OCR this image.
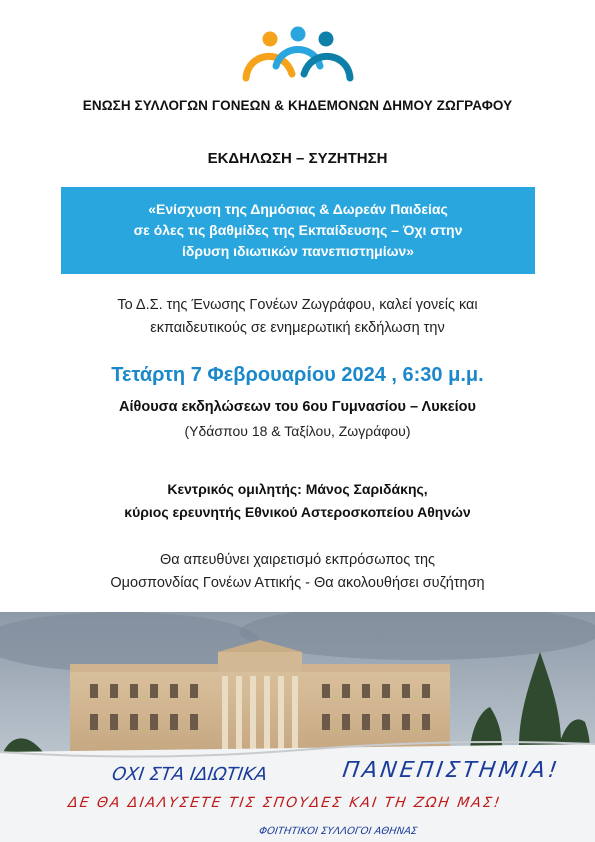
ΕΝΩΣΗ ΣΥΛΛΟΓΩΝ ΓΟΝΕΩΝ & ΚΗΔΕΜΟΝΩΝ ΔΗΜΟΥ ΖΩΓΡΑΦΟΥ
ΕΚΔΗΛΩΣΗ – ΣΥΖΗΤΗΣΗ
«Ενίσχυση της Δημόσιας & Δωρεάν Παιδείας
σε όλες τις βαθμίδες της Εκπαίδευσης – Όχι στην
ίδρυση ιδιωτικών πανεπιστημίων»
Το Δ.Σ. της Ένωσης Γονέων Ζωγράφου, καλεί γονείς και
εκπαιδευτικούς σε ενημερωτική εκδήλωση την
Τετάρτη 7 Φεβρουαρίου 2024 , 6:30 μ.μ.
Αίθουσα εκδηλώσεων του 6ου Γυμνασίου – Λυκείου
(Υδάσπου 18 & Ταξίλου, Ζωγράφου)
Κεντρικός ομιλητής: Μάνος Σαριδάκης,
κύριος ερευνητής Εθνικού Αστεροσκοπείου Αθηνών
Θα απευθύνει χαιρετισμό εκπρόσωπος της
Ομοσπονδίας Γονέων Αττικής - Θα ακολουθήσει συζήτηση
ΟΧΙ ΣΤΑ ΙΔΙΩΤΙΚΑ	ΠΑΝΕΠΙΣΤΗΜΙΑ!
ΔΕ ΘΑ ΔΙΑΛΥΣΕΤΕ ΤΙΣ ΣΠΟΥΔΕΣ ΚΑΙ ΤΗ ΖΩΗ ΜΑΣ!
ΦΟΙΤΗΤΙΚΟΙ ΣΥΛΛΟΓΟΙ ΑΘΗΝΑΣ
